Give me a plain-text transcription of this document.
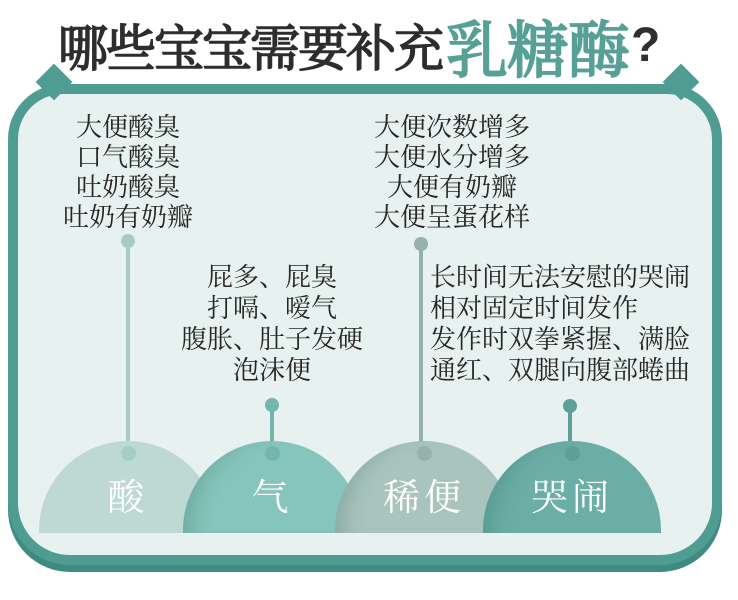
哪些宝宝需要补充 乳糖酶 ?
大便酸臭
口气酸臭
吐奶酸臭
吐奶有奶瓣
大便次数增多
大便水分增多
大便有奶瓣
大便呈蛋花样
屁多、屁臭
打嗝、嗳气
腹胀、肚子发硬
泡沫便
长时间无法安慰的哭闹
相对固定时间发作
发作时双拳紧握、满脸
通红、双腿向腹部蜷曲
酸	气 稀便 哭闹
